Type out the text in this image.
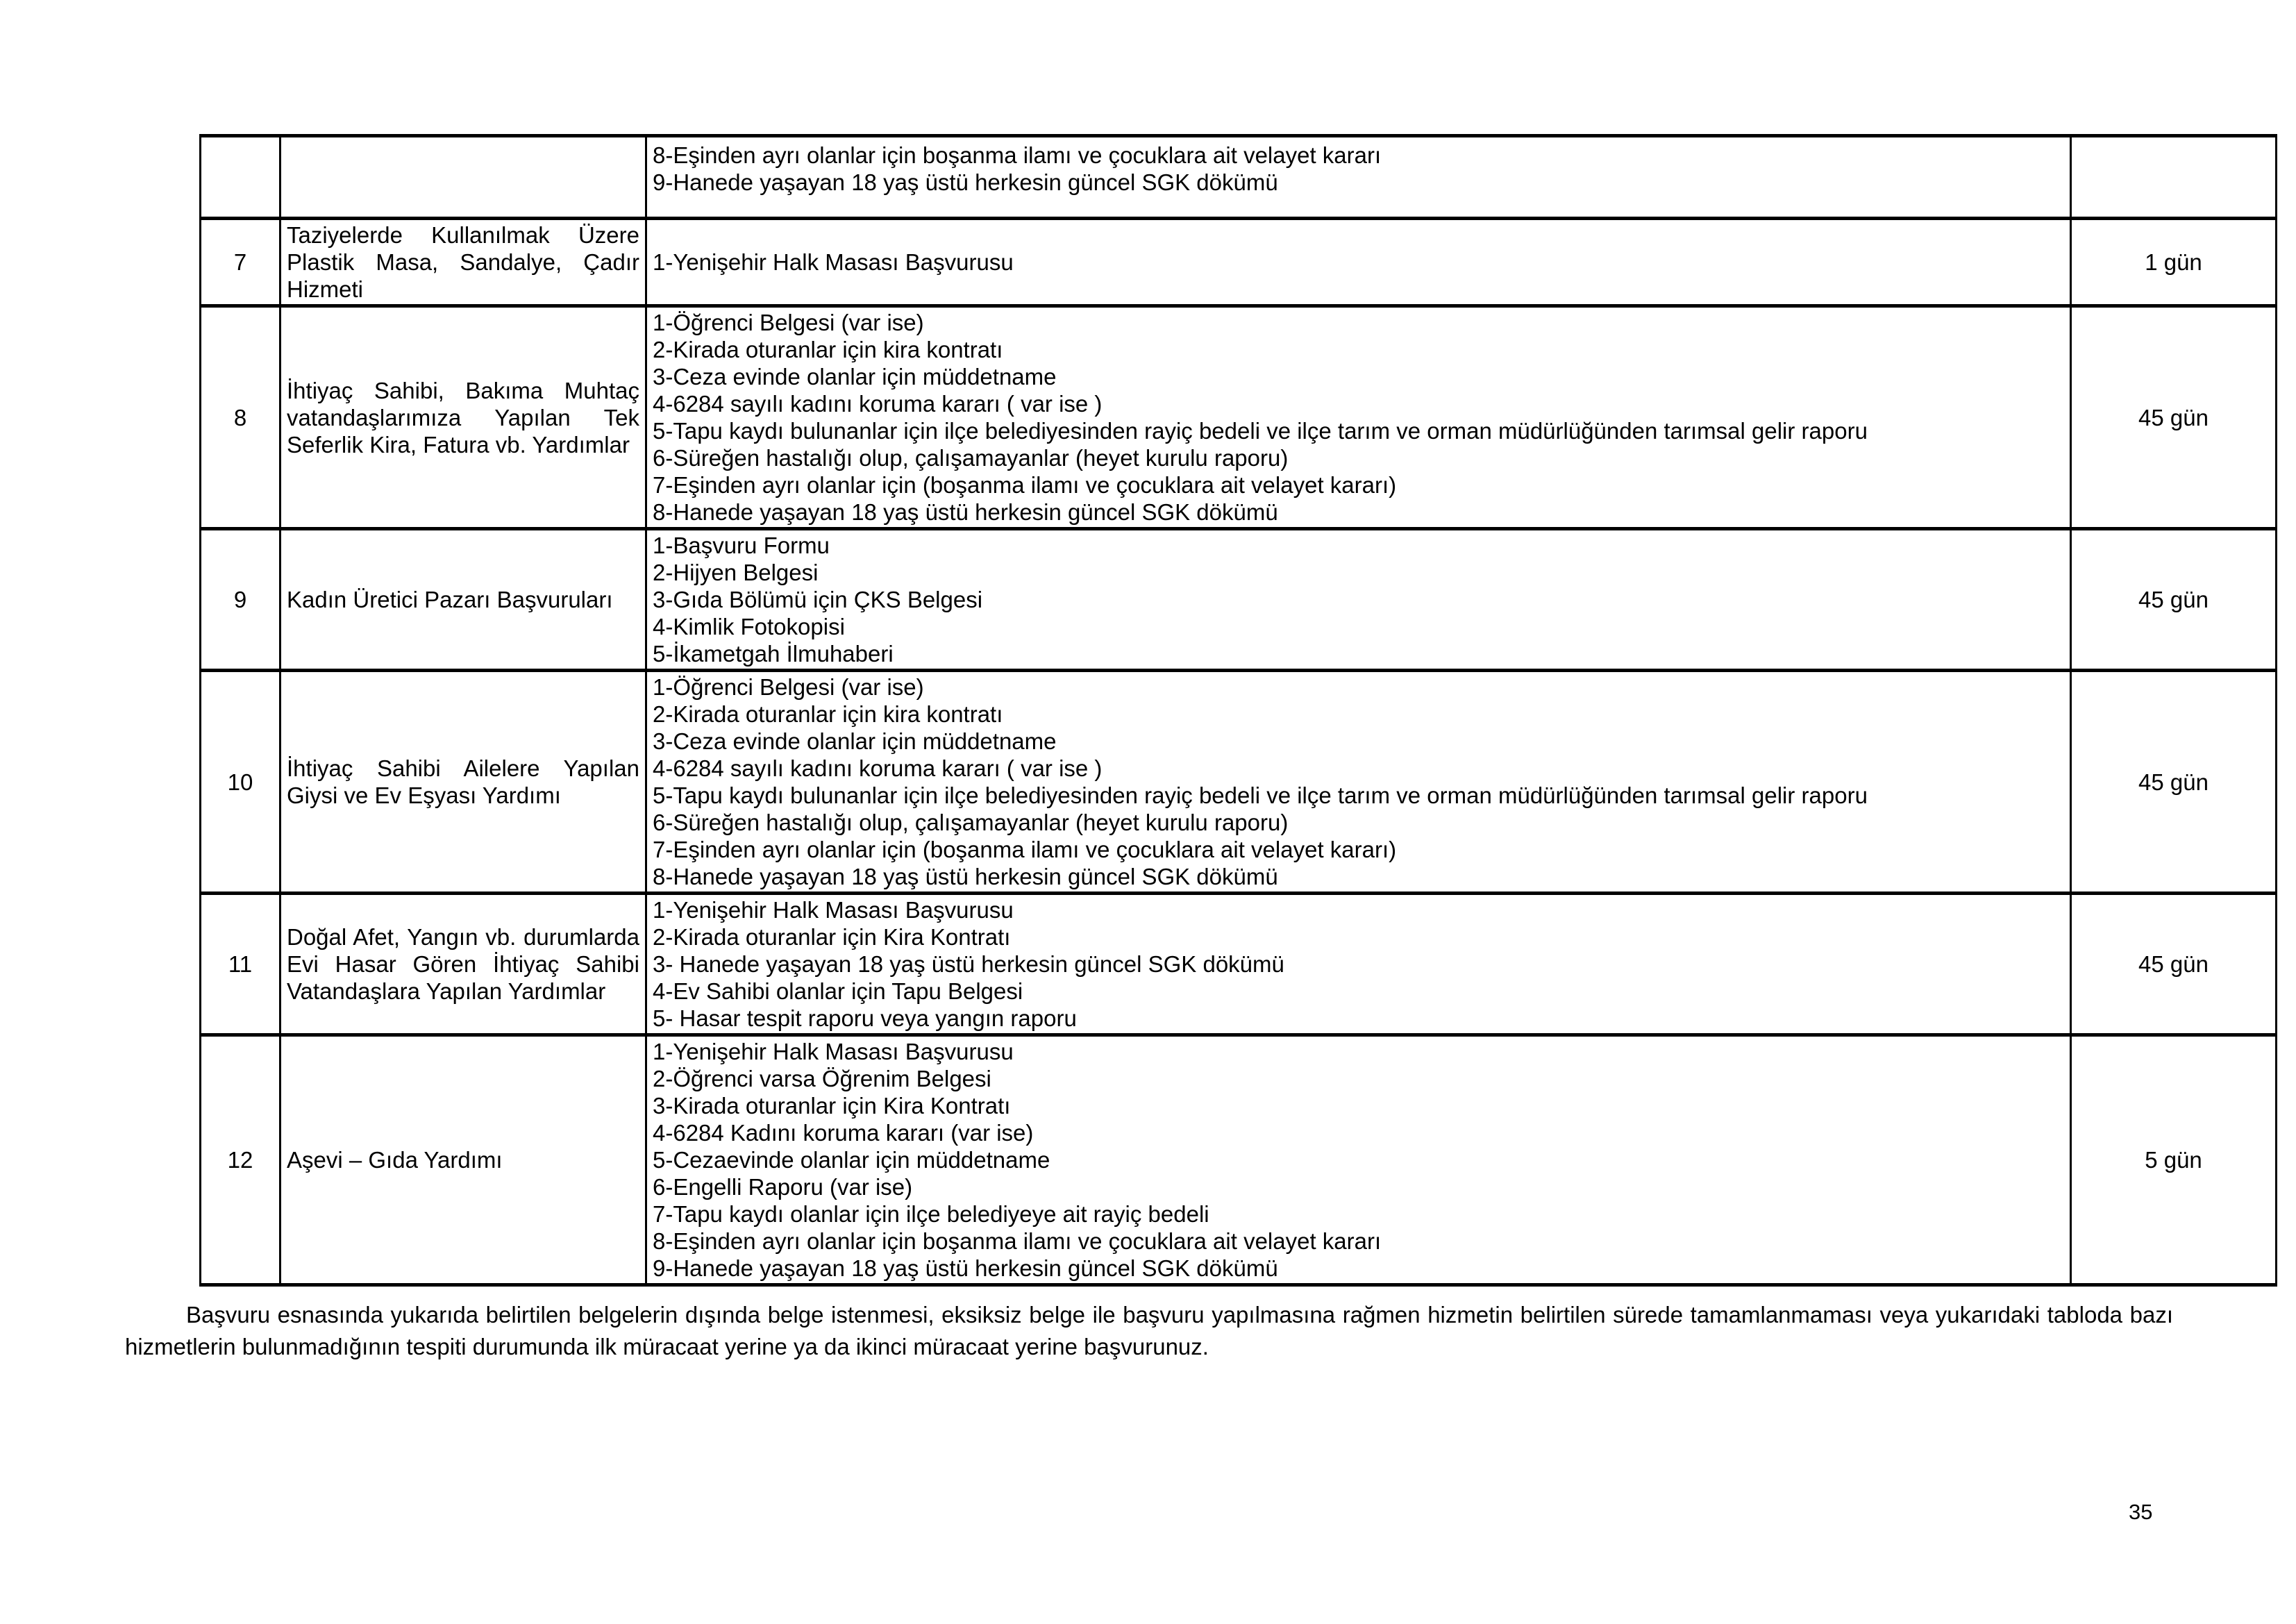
		8-Eşinden ayrı olanlar için boşanma ilamı ve çocuklara ait velayet kararı
9-Hanede yaşayan 18 yaş üstü herkesin güncel SGK dökümü	

7	Taziyelerde Kullanılmak Üzere Plastik Masa, Sandalye, Çadır Hizmeti	1-Yenişehir Halk Masası Başvurusu	1 gün
8	İhtiyaç Sahibi, Bakıma Muhtaç vatandaşlarımıza Yapılan Tek Seferlik Kira, Fatura vb. Yardımlar	
1-Öğrenci Belgesi (var ise)
2-Kirada oturanlar için kira kontratı
3-Ceza evinde olanlar için müddetname
4-6284 sayılı kadını koruma kararı ( var ise )
5-Tapu kaydı bulunanlar için ilçe belediyesinden rayiç bedeli ve ilçe tarım ve orman müdürlüğünden tarımsal gelir raporu
6-Süreğen hastalığı olup, çalışamayanlar (heyet kurulu raporu)
7-Eşinden ayrı olanlar için (boşanma ilamı ve çocuklara ait velayet kararı)
8-Hanede yaşayan 18 yaş üstü herkesin güncel SGK dökümü
	45 gün
9	Kadın Üretici Pazarı Başvuruları	1-Başvuru Formu
2-Hijyen Belgesi
3-Gıda Bölümü için ÇKS Belgesi
4-Kimlik Fotokopisi
5-İkametgah İlmuhaberi	45 gün
10	İhtiyaç Sahibi Ailelere Yapılan Giysi ve Ev Eşyası Yardımı	
1-Öğrenci Belgesi (var ise)
2-Kirada oturanlar için kira kontratı
3-Ceza evinde olanlar için müddetname
4-6284 sayılı kadını koruma kararı ( var ise )
5-Tapu kaydı bulunanlar için ilçe belediyesinden rayiç bedeli ve ilçe tarım ve orman müdürlüğünden tarımsal gelir raporu
6-Süreğen hastalığı olup, çalışamayanlar (heyet kurulu raporu)
7-Eşinden ayrı olanlar için (boşanma ilamı ve çocuklara ait velayet kararı)
8-Hanede yaşayan 18 yaş üstü herkesin güncel SGK dökümü
	45 gün
11	Doğal Afet, Yangın vb. durumlarda Evi Hasar Gören İhtiyaç Sahibi Vatandaşlara Yapılan Yardımlar	1-Yenişehir Halk Masası Başvurusu
2-Kirada oturanlar için Kira Kontratı
3- Hanede yaşayan 18 yaş üstü herkesin güncel SGK dökümü
4-Ev Sahibi olanlar için Tapu Belgesi
5- Hasar tespit raporu veya yangın raporu	45 gün
12	Aşevi – Gıda Yardımı	
1-Yenişehir Halk Masası Başvurusu
2-Öğrenci varsa Öğrenim Belgesi
3-Kirada oturanlar için Kira Kontratı
4-6284 Kadını koruma kararı (var ise)
5-Cezaevinde olanlar için müddetname
6-Engelli Raporu (var ise)
7-Tapu kaydı olanlar için ilçe belediyeye ait rayiç bedeli
8-Eşinden ayrı olanlar için boşanma ilamı ve çocuklara ait velayet kararı
9-Hanede yaşayan 18 yaş üstü herkesin güncel SGK dökümü
	5 gün

Başvuru esnasında yukarıda belirtilen belgelerin dışında belge istenmesi, eksiksiz belge ile başvuru yapılmasına rağmen hizmetin belirtilen sürede tamamlanmaması veya yukarıdaki tabloda bazı hizmetlerin bulunmadığının tespiti durumunda ilk müracaat yerine ya da ikinci müracaat yerine başvurunuz.

35
